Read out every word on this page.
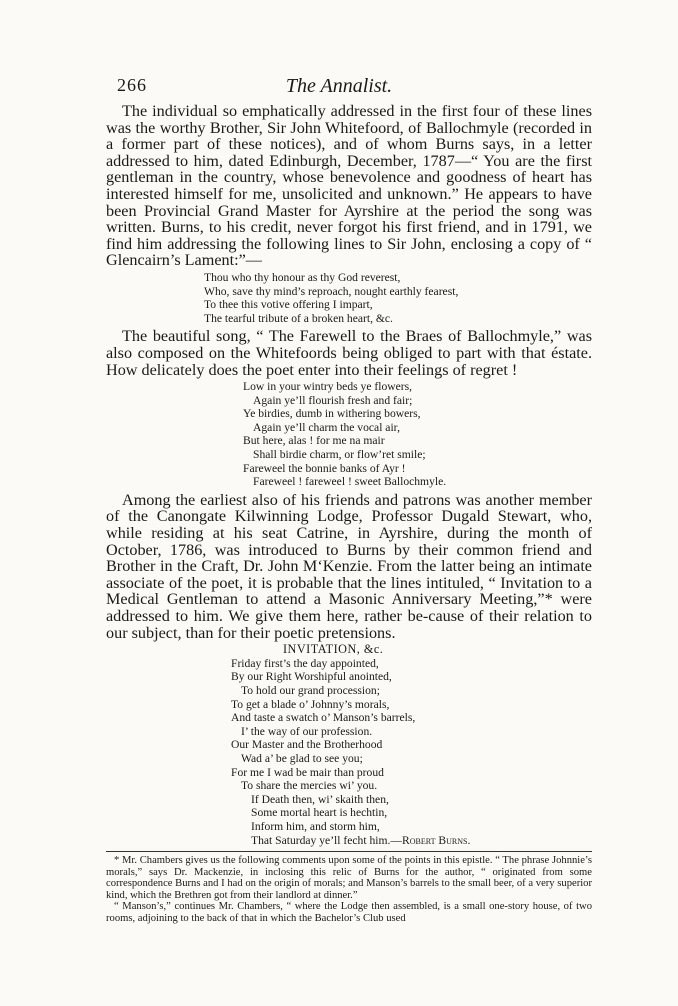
266	The Annalist.

The individual so emphatically addressed in the first four of these lines was the worthy Brother, Sir John Whitefoord, of Ballochmyle (recorded in a former part of these notices), and of whom Burns says, in a letter addressed to him, dated Edinburgh, December, 1787—“ You are the first gentleman in the country, whose benevolence and goodness of heart has interested himself for me, unsolicited and unknown.” He appears to have been Provincial Grand Master for Ayrshire at the period the song was written. Burns, to his credit, never forgot his first friend, and in 1791, we find him addressing the following lines to Sir John, enclosing a copy of “ Glencairn’s Lament:”—

Thou who thy honour as thy God reverest,
Who, save thy mind’s reproach, nought earthly fearest,
To thee this votive offering I impart,
The tearful tribute of a broken heart, &c.

The beautiful song, “ The Farewell to the Braes of Ballochmyle,” was also composed on the Whitefoords being obliged to part with that éstate. How delicately does the poet enter into their feelings of regret !

Low in your wintry beds ye flowers,
Again ye’ll flourish fresh and fair;
Ye birdies, dumb in withering bowers,
Again ye’ll charm the vocal air,
But here, alas ! for me na mair
Shall birdie charm, or flow’ret smile;
Fareweel the bonnie banks of Ayr !
Fareweel ! fareweel ! sweet Ballochmyle.

Among the earliest also of his friends and patrons was another member of the Canongate Kilwinning Lodge, Professor Dugald Stewart, who, while residing at his seat Catrine, in Ayrshire, during the month of October, 1786, was introduced to Burns by their common friend and Brother in the Craft, Dr. John M‘Kenzie. From the latter being an intimate associate of the poet, it is probable that the lines intituled, “ Invitation to a Medical Gentleman to attend a Masonic Anniversary Meeting,”* were addressed to him. We give them here, rather be-cause of their relation to our subject, than for their poetic pretensions.

INVITATION, &c.
Friday first’s the day appointed,
By our Right Worshipful anointed,
To hold our grand procession;
To get a blade o’ Johnny’s morals,
And taste a swatch o’ Manson’s barrels,
I’ the way of our profession.
Our Master and the Brotherhood
Wad a’ be glad to see you;
For me I wad be mair than proud
To share the mercies wi’ you.
If Death then, wi’ skaith then,
Some mortal heart is hechtin,
Inform him, and storm him,
That Saturday ye’ll fecht him.—Robert Burns.

* Mr. Chambers gives us the following comments upon some of the points in this epistle. “ The phrase Johnnie’s morals,” says Dr. Mackenzie, in inclosing this relic of Burns for the author, “ originated from some correspondence Burns and I had on the origin of morals; and Manson’s barrels to the small beer, of a very superior kind, which the Brethren got from their landlord at dinner.”

“ Manson’s,” continues Mr. Chambers, “ where the Lodge then assembled, is a small one-story house, of two rooms, adjoining to the back of that in which the Bachelor’s Club used
